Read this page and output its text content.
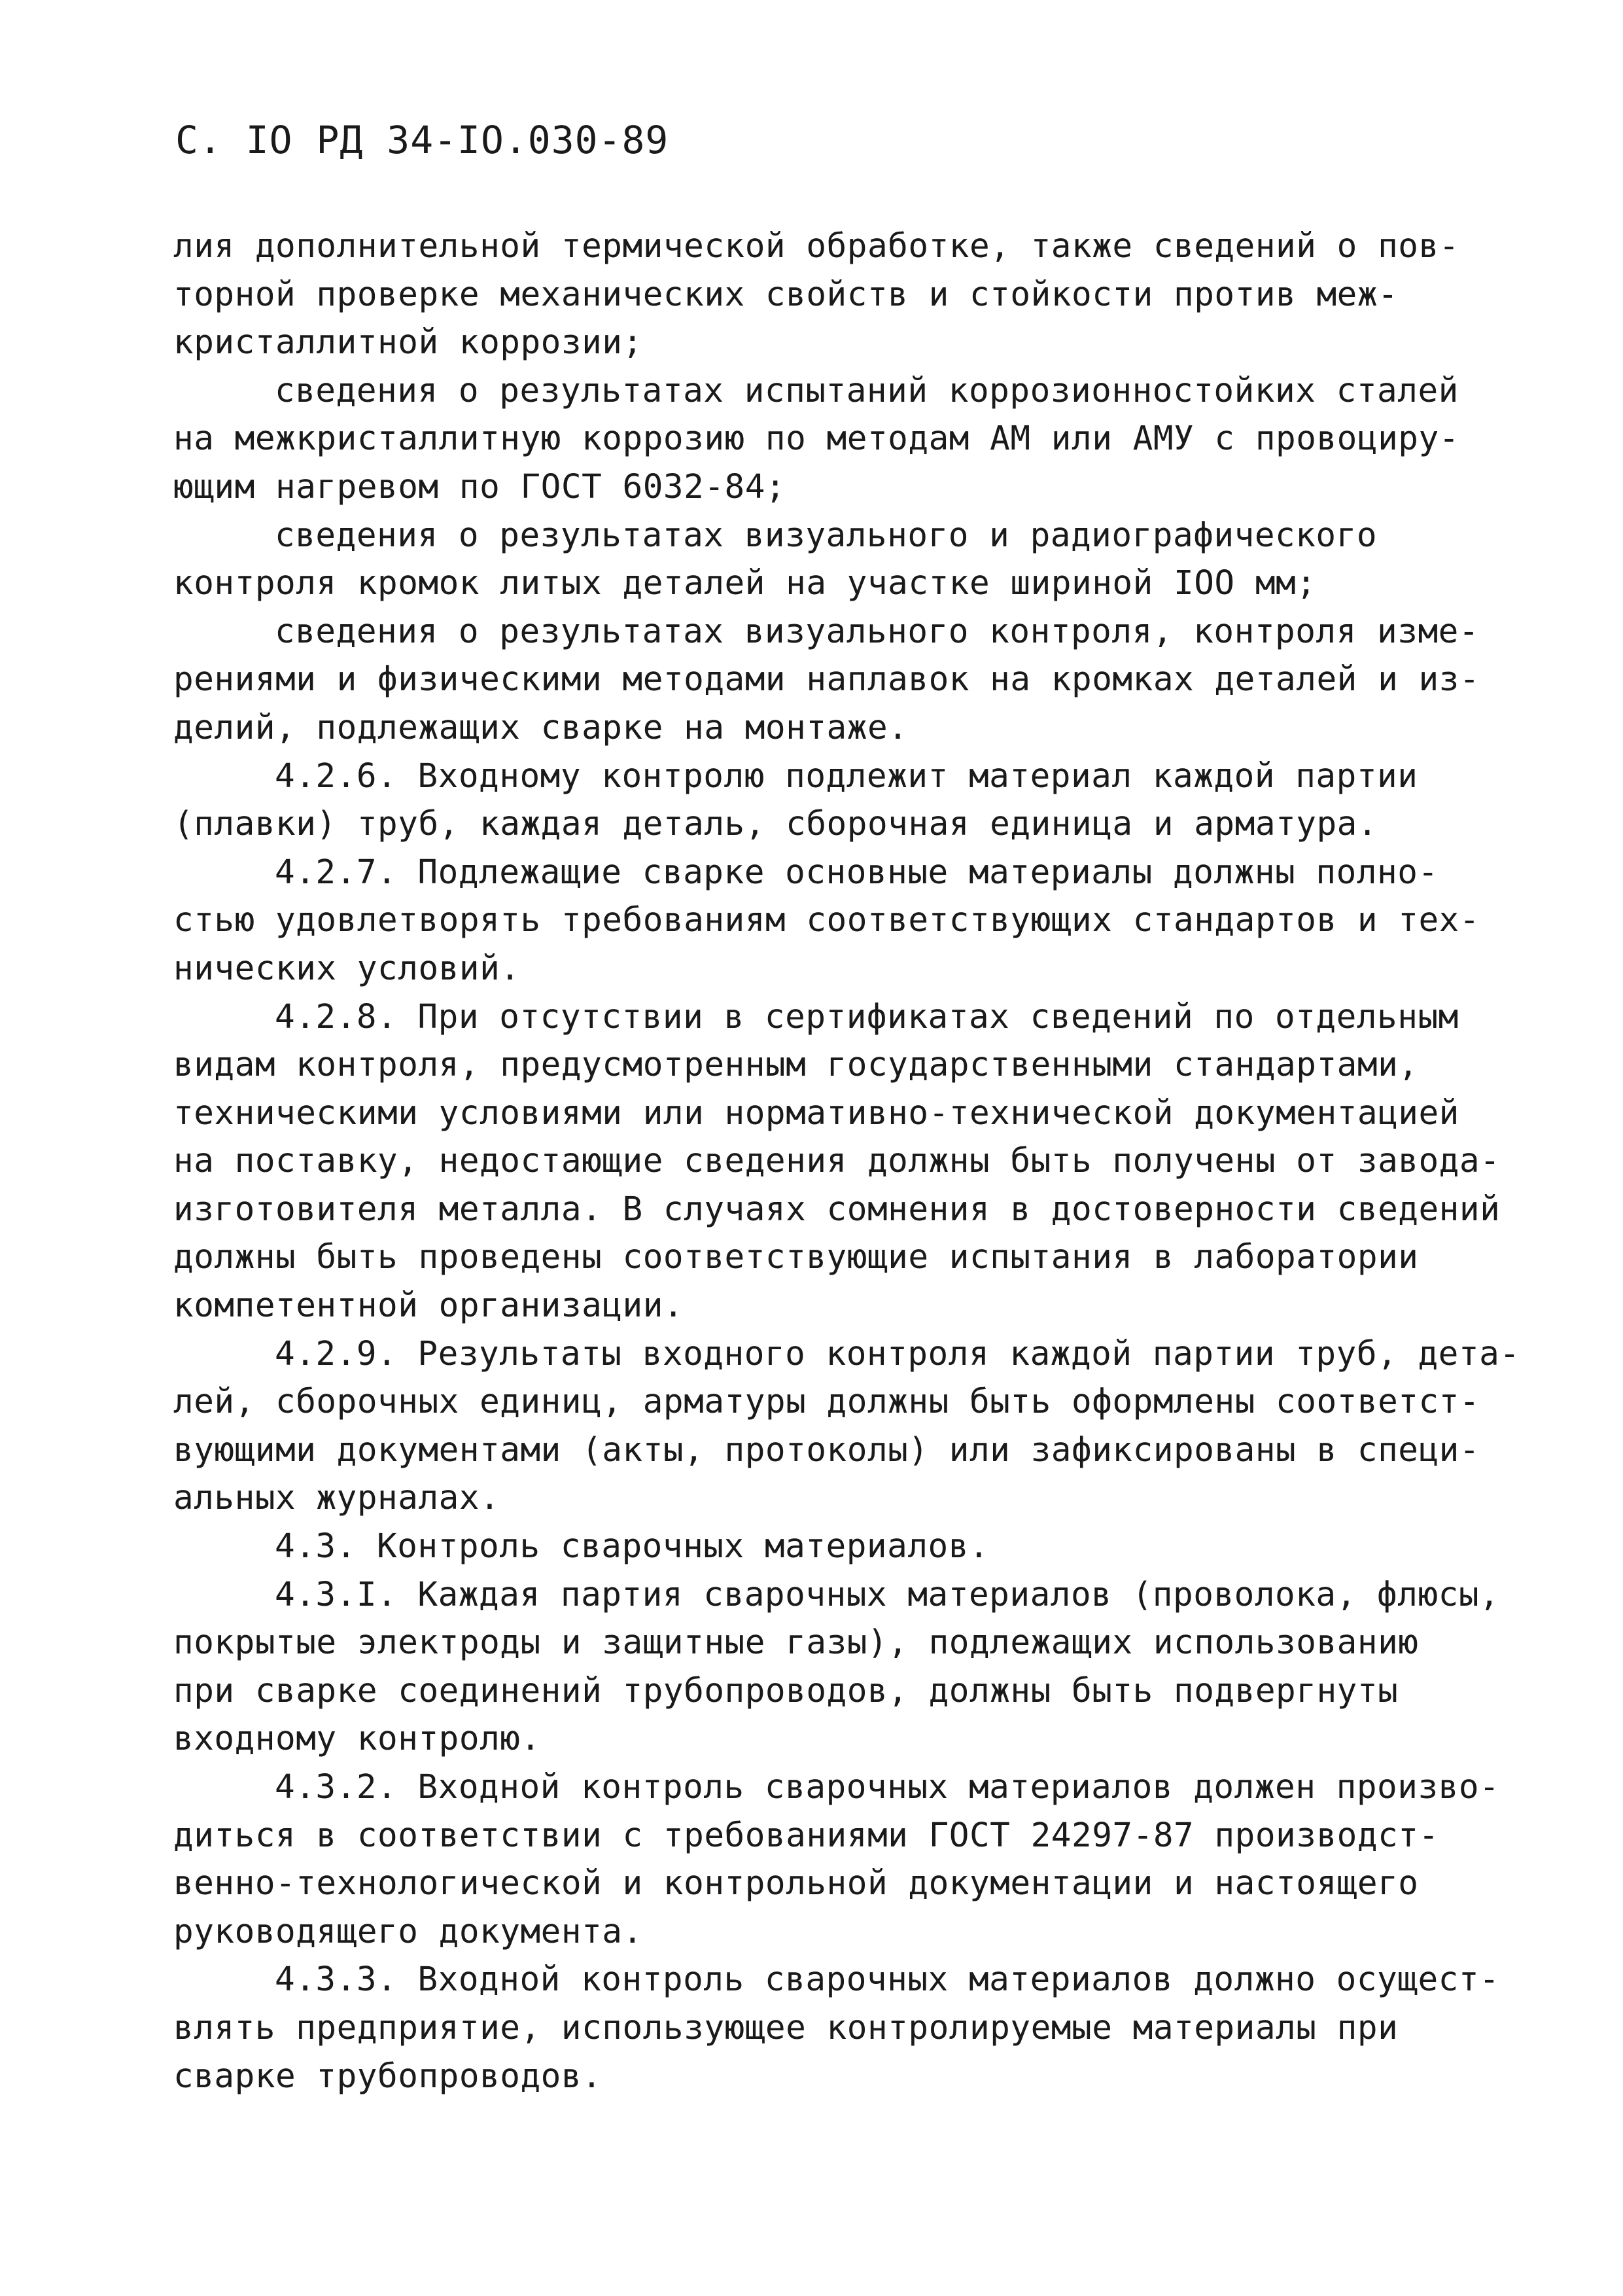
С. IO РД 34-IO.030-89
лия дополнительной термической обработке, также сведений о пов-
торной проверке механических свойств и стойкости против меж-
кристаллитной коррозии;
сведения о результатах испытаний коррозионностойких сталей
на межкристаллитную коррозию по методам АМ или АМУ с провоциру-
ющим нагревом по ГОСТ 6032-84;
сведения о результатах визуального и радиографического
контроля кромок литых деталей на участке шириной IOO мм;
сведения о результатах визуального контроля, контроля изме-
рениями и физическими методами наплавок на кромках деталей и из-
делий, подлежащих сварке на монтаже.
4.2.6. Входному контролю подлежит материал каждой партии
(плавки) труб, каждая деталь, сборочная единица и арматура.
4.2.7. Подлежащие сварке основные материалы должны полно-
стью удовлетворять требованиям соответствующих стандартов и тех-
нических условий.
4.2.8. При отсутствии в сертификатах сведений по отдельным
видам контроля, предусмотренным государственными стандартами,
техническими условиями или нормативно-технической документацией
на поставку, недостающие сведения должны быть получены от завода-
изготовителя металла. В случаях сомнения в достоверности сведений
должны быть проведены соответствующие испытания в лаборатории
компетентной организации.
4.2.9. Результаты входного контроля каждой партии труб, дета-
лей, сборочных единиц, арматуры должны быть оформлены соответст-
вующими документами (акты, протоколы) или зафиксированы в специ-
альных журналах.
4.3. Контроль сварочных материалов.
4.3.I. Каждая партия сварочных материалов (проволока, флюсы,
покрытые электроды и защитные газы), подлежащих использованию
при сварке соединений трубопроводов, должны быть подвергнуты
входному контролю.
4.3.2. Входной контроль сварочных материалов должен произво-
диться в соответствии с требованиями ГОСТ 24297-87 производст-
венно-технологической и контрольной документации и настоящего
руководящего документа.
4.3.3. Входной контроль сварочных материалов должно осущест-
влять предприятие, использующее контролируемые материалы при
сварке трубопроводов.
